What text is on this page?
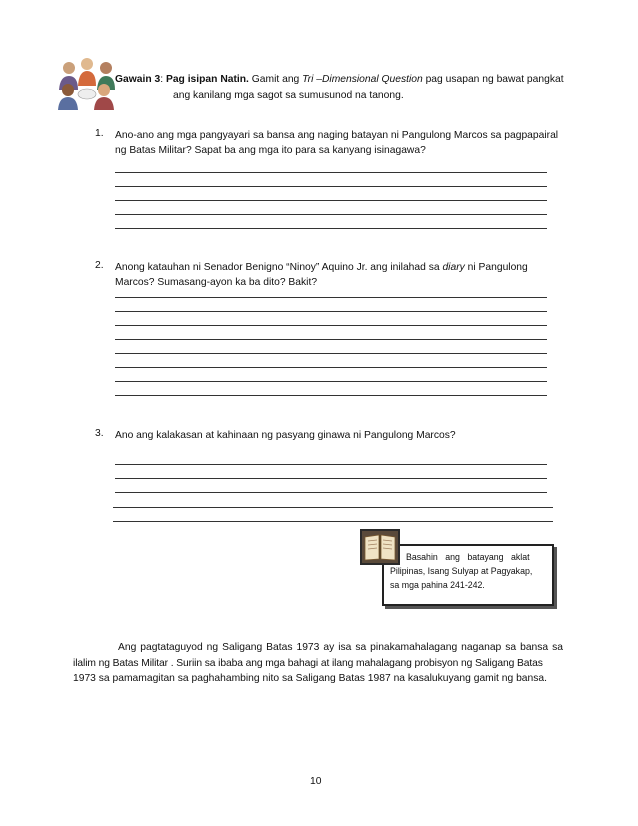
Gawain 3: Pag isipan Natin. Gamit ang Tri –Dimensional Question pag usapan ng bawat pangkat
ang kanilang mga sagot sa sumusunod na tanong.
1. Ano-ano ang mga pangyayari sa bansa ang naging batayan ni Pangulong Marcos sa pagpapairal
ng Batas Militar? Sapat ba ang mga ito para sa kanyang isinagawa?
2. Anong katauhan ni Senador Benigno “Ninoy” Aquino Jr. ang inilahad sa diary ni Pangulong
Marcos? Sumasang-ayon ka ba dito? Bakit?
3. Ano ang kalakasan at kahinaan ng pasyang ginawa ni Pangulong Marcos?
Basahin ang batayang aklat
Pilipinas, Isang Sulyap at Pagyakap,
sa mga pahina 241-242.
Ang pagtataguyod ng Saligang Batas 1973 ay isa sa pinakamahalagang naganap sa bansa sa
ilalim ng Batas Militar . Suriin sa ibaba ang mga bahagi at ilang mahalagang probisyon ng Saligang Batas
1973 sa pamamagitan sa paghahambing nito sa Saligang Batas 1987 na kasalukuyang gamit ng bansa.
10
